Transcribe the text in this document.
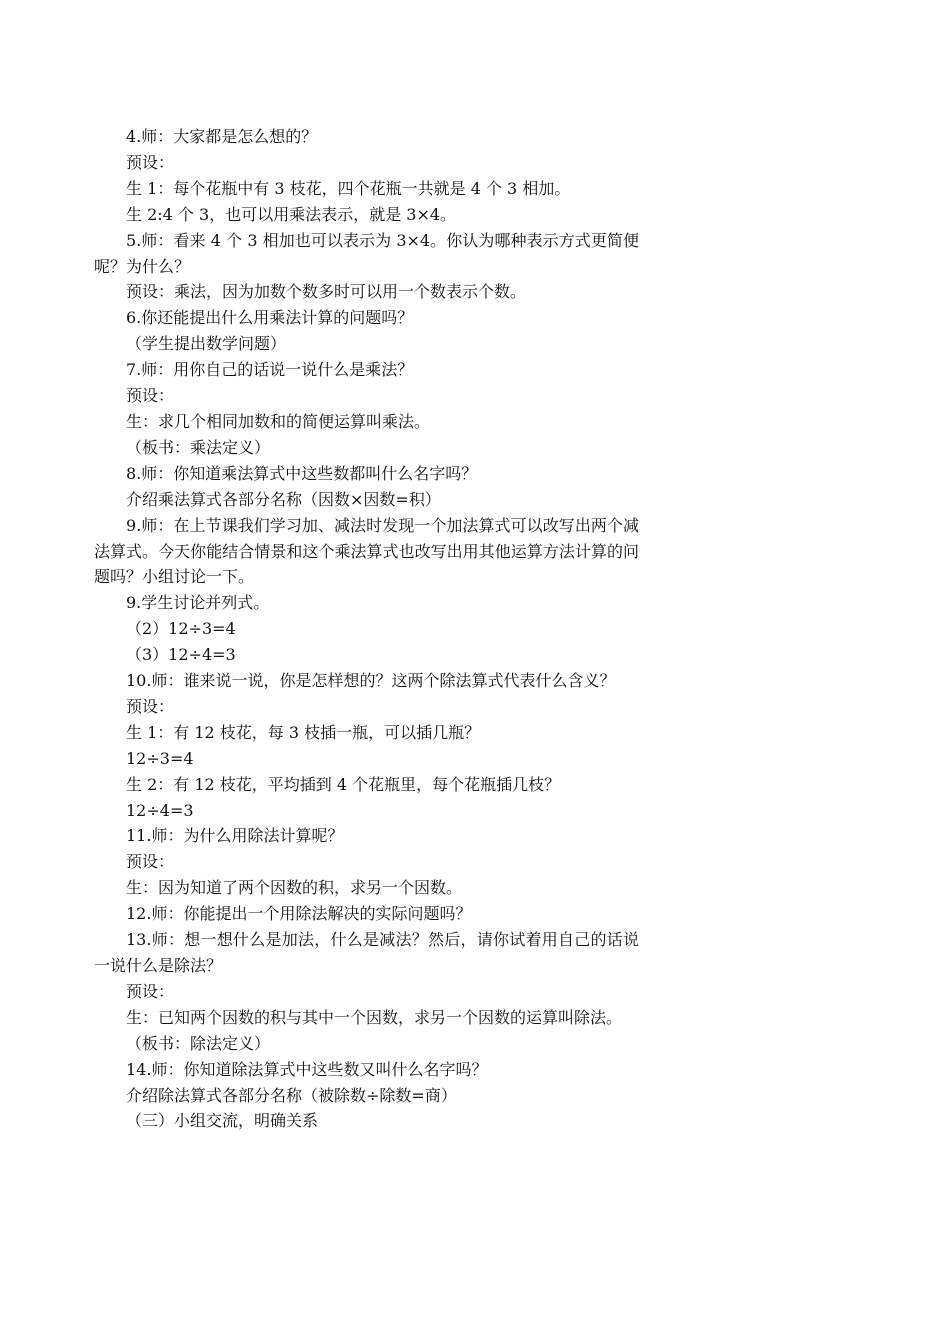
4.师：大家都是怎么想的？

预设：

生 1：每个花瓶中有 3 枝花，四个花瓶一共就是 4 个 3 相加。

生 2:4 个 3，也可以用乘法表示，就是 3×4。

5.师：看来 4 个 3 相加也可以表示为 3×4。你认为哪种表示方式更简便呢？为什么？

预设：乘法，因为加数个数多时可以用一个数表示个数。

6.你还能提出什么用乘法计算的问题吗？

（学生提出数学问题）

7.师：用你自己的话说一说什么是乘法？

预设：

生：求几个相同加数和的简便运算叫乘法。

（板书：乘法定义）

8.师：你知道乘法算式中这些数都叫什么名字吗？

介绍乘法算式各部分名称（因数×因数=积）

9.师：在上节课我们学习加、减法时发现一个加法算式可以改写出两个减法算式。今天你能结合情景和这个乘法算式也改写出用其他运算方法计算的问题吗？小组讨论一下。

9.学生讨论并列式。

（2）12÷3=4

（3）12÷4=3

10.师：谁来说一说，你是怎样想的？这两个除法算式代表什么含义？

预设：

生 1：有 12 枝花，每 3 枝插一瓶，可以插几瓶？

12÷3=4

生 2：有 12 枝花，平均插到 4 个花瓶里，每个花瓶插几枝？

12÷4=3

11.师：为什么用除法计算呢？

预设：

生：因为知道了两个因数的积，求另一个因数。

12.师：你能提出一个用除法解决的实际问题吗？

13.师：想一想什么是加法，什么是减法？然后，请你试着用自己的话说一说什么是除法？

预设：

生：已知两个因数的积与其中一个因数，求另一个因数的运算叫除法。

（板书：除法定义）

14.师：你知道除法算式中这些数又叫什么名字吗？

介绍除法算式各部分名称（被除数÷除数=商）

（三）小组交流，明确关系
